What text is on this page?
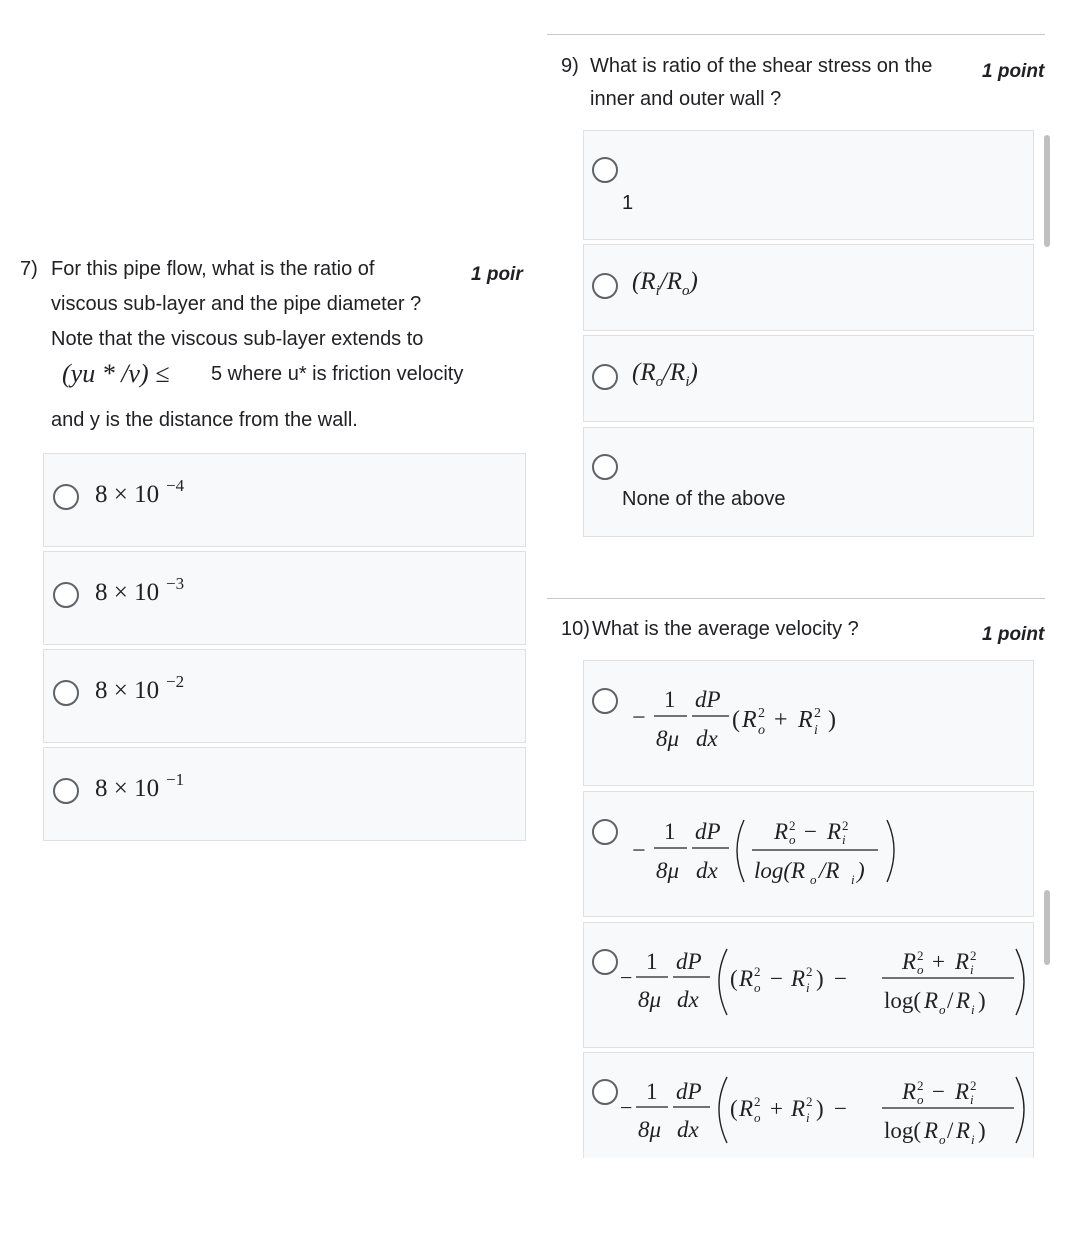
7) For this pipe flow, what is the ratio of	1 poir
viscous sub-layer and the pipe diameter ?
Note that the viscous sub-layer extends to
(yu * /ν) ≤ 5 where u* is friction velocity
and y is the distance from the wall.
8 × 10 −4
8 × 10 −3
8 × 10 −2
8 × 10 −1
9) What is ratio of the shear stress on the	1 point
inner and outer wall ?
1
$(R_i/R_o)$
$(R_o/R_i)$
None of the above
10) What is the average velocity ?	1 point
−
1
8μ
dP
dx
( R 2
o + R 2
i )
−
1
8μ
dP
dx
R 2
o − R 2
i
log(R o /R i )
−
1
8μ
dP
dx
( R 2
o − R 2
i ) −
R 2
o + R 2
i
log( R o / R i )
−
1
8μ
dP
dx
( R 2
o + R 2
i ) −
R 2
o − R 2
i
log( R o / R i )
